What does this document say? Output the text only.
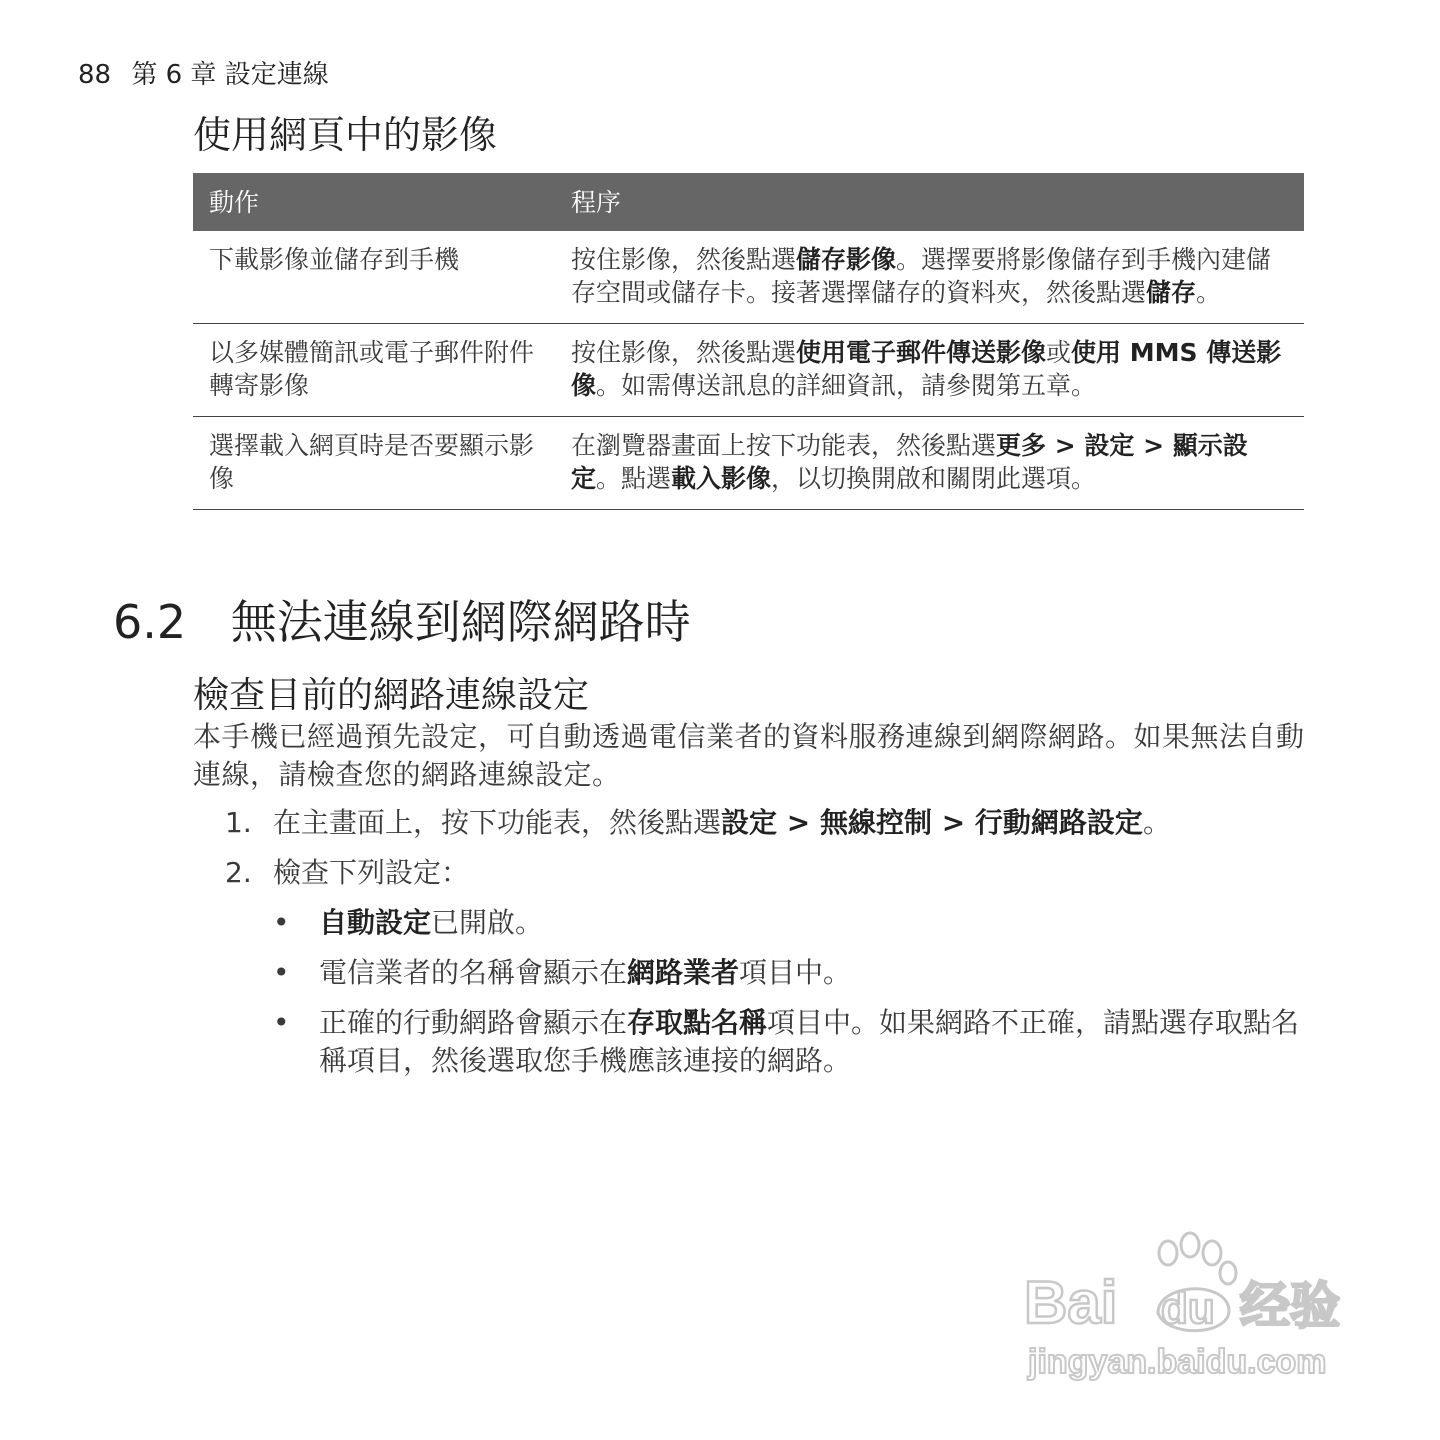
88 第 6 章 設定連線
使用網頁中的影像
動作	程序
下載影像並儲存到手機	按住影像，然後點選儲存影像。選擇要將影像儲存到手機內建儲存空間或儲存卡。接著選擇儲存的資料夾，然後點選儲存。
以多媒體簡訊或電子郵件附件轉寄影像	按住影像，然後點選使用電子郵件傳送影像或使用 MMS 傳送影像。如需傳送訊息的詳細資訊，請參閱第五章。
選擇載入網頁時是否要顯示影像	在瀏覽器畫面上按下功能表，然後點選更多 > 設定 > 顯示設定。點選載入影像，以切換開啟和關閉此選項。
6.2 無法連線到網際網路時
檢查目前的網路連線設定

本手機已經過預先設定，可自動透過電信業者的資料服務連線到網際網路。如果無法自動連線，請檢查您的網路連線設定。

1. 在主畫面上，按下功能表，然後點選設定 > 無線控制 > 行動網路設定。
2. 檢查下列設定：
•	自動設定已開啟。
•	電信業者的名稱會顯示在網路業者項目中。
•	正確的行動網路會顯示在存取點名稱項目中。如果網路不正確，請點選存取點名稱項目，然後選取您手機應該連接的網路。
Bai du 经验
jingyan.baidu.com
